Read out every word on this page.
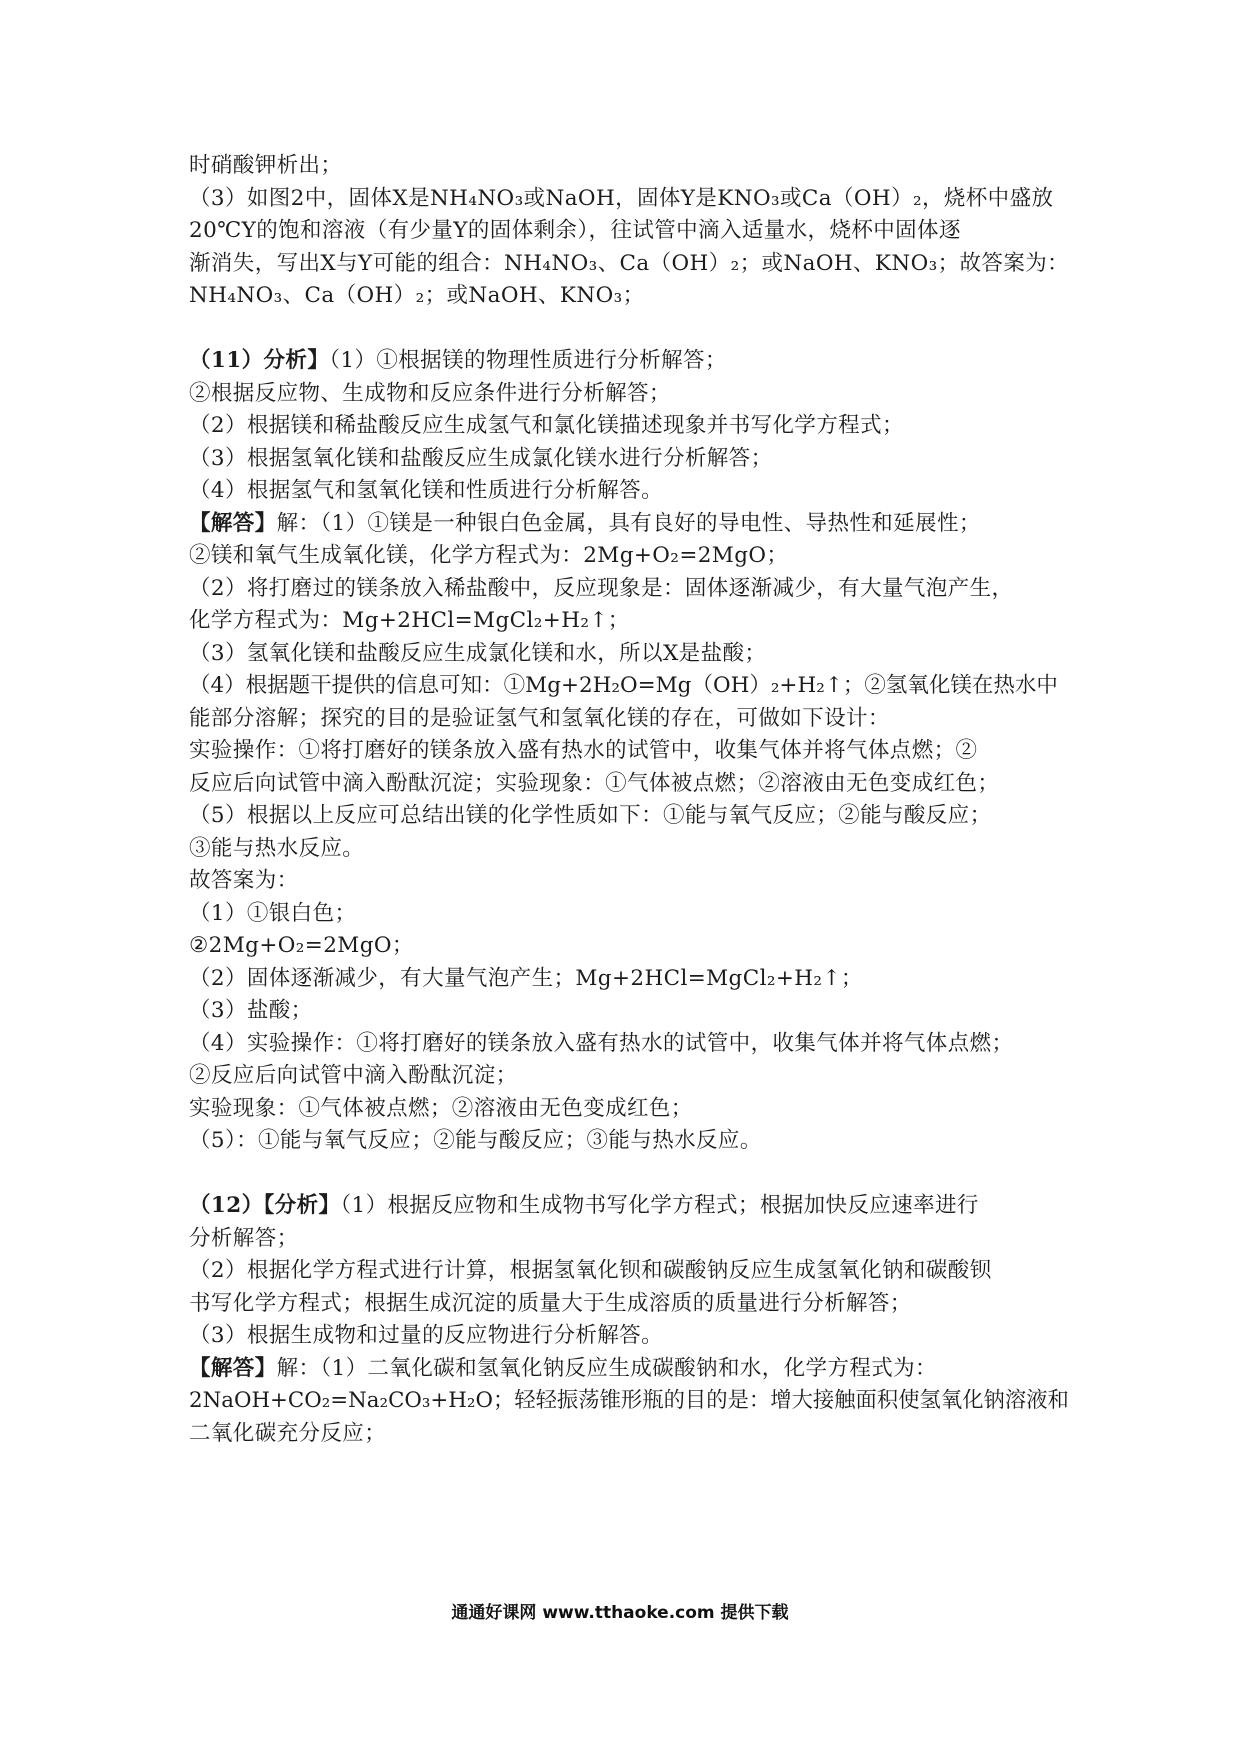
时硝酸钾析出；
（3）如图2中，固体X是NH₄NO₃或NaOH，固体Y是KNO₃或Ca（OH）₂，烧杯中盛放
20℃Y的饱和溶液（有少量Y的固体剩余），往试管中滴入适量水，烧杯中固体逐
渐消失，写出X与Y可能的组合：NH₄NO₃、Ca（OH）₂；或NaOH、KNO₃；故答案为：
NH₄NO₃、Ca（OH）₂；或NaOH、KNO₃；
（11）分析】（1）①根据镁的物理性质进行分析解答；
②根据反应物、生成物和反应条件进行分析解答；
（2）根据镁和稀盐酸反应生成氢气和氯化镁描述现象并书写化学方程式；
（3）根据氢氧化镁和盐酸反应生成氯化镁水进行分析解答；
（4）根据氢气和氢氧化镁和性质进行分析解答。
【解答】解：（1）①镁是一种银白色金属，具有良好的导电性、导热性和延展性；
②镁和氧气生成氧化镁，化学方程式为：2Mg+O₂=2MgO；
（2）将打磨过的镁条放入稀盐酸中，反应现象是：固体逐渐减少，有大量气泡产生，
化学方程式为：Mg+2HCl=MgCl₂+H₂↑；
（3）氢氧化镁和盐酸反应生成氯化镁和水，所以X是盐酸；
（4）根据题干提供的信息可知：①Mg+2H₂O=Mg（OH）₂+H₂↑；②氢氧化镁在热水中
能部分溶解；探究的目的是验证氢气和氢氧化镁的存在，可做如下设计：
实验操作：①将打磨好的镁条放入盛有热水的试管中，收集气体并将气体点燃；②
反应后向试管中滴入酚酞沉淀；实验现象：①气体被点燃；②溶液由无色变成红色；
（5）根据以上反应可总结出镁的化学性质如下：①能与氧气反应；②能与酸反应；
③能与热水反应。
故答案为：
（1）①银白色；
②2Mg+O₂=2MgO；
（2）固体逐渐减少，有大量气泡产生；Mg+2HCl=MgCl₂+H₂↑；
（3）盐酸；
（4）实验操作：①将打磨好的镁条放入盛有热水的试管中，收集气体并将气体点燃；
②反应后向试管中滴入酚酞沉淀；
实验现象：①气体被点燃；②溶液由无色变成红色；
（5）：①能与氧气反应；②能与酸反应；③能与热水反应。
（12）【分析】（1）根据反应物和生成物书写化学方程式；根据加快反应速率进行
分析解答；
（2）根据化学方程式进行计算，根据氢氧化钡和碳酸钠反应生成氢氧化钠和碳酸钡
书写化学方程式；根据生成沉淀的质量大于生成溶质的质量进行分析解答；
（3）根据生成物和过量的反应物进行分析解答。
【解答】解：（1）二氧化碳和氢氧化钠反应生成碳酸钠和水，化学方程式为：
2NaOH+CO₂=Na₂CO₃+H₂O；轻轻振荡锥形瓶的目的是：增大接触面积使氢氧化钠溶液和
二氧化碳充分反应；
通通好课网 www.tthaoke.com 提供下载
